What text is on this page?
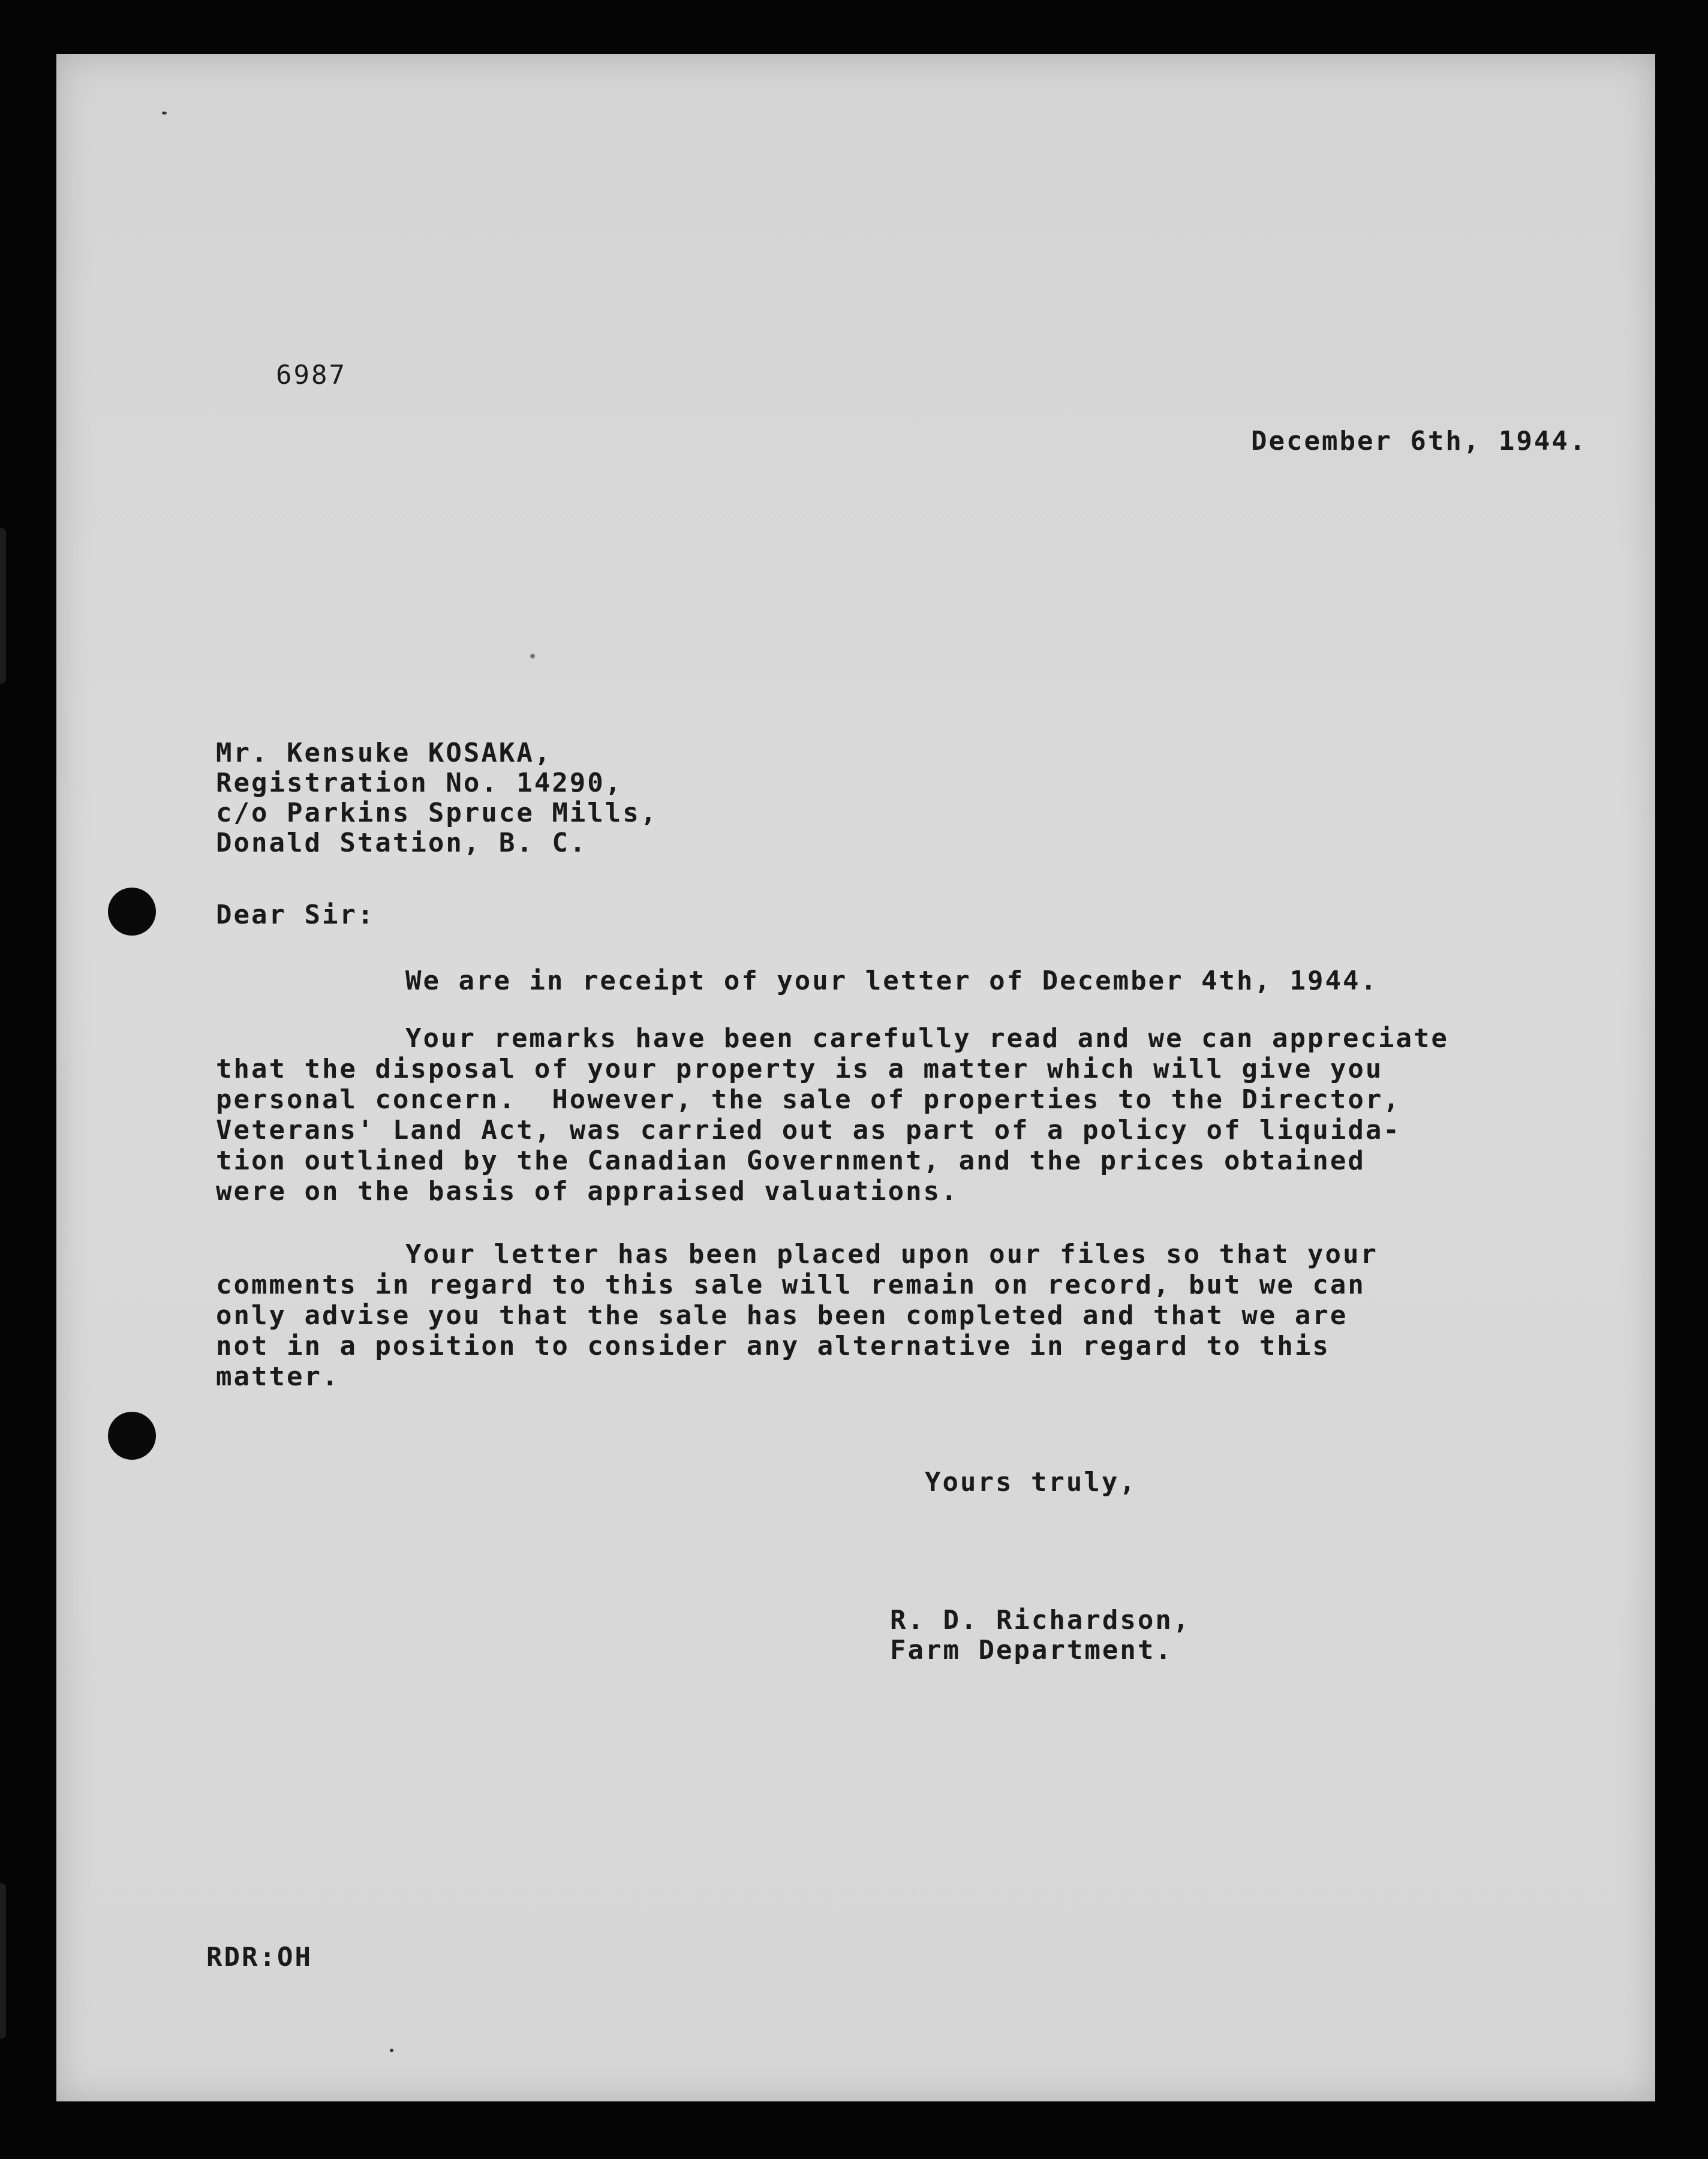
6987
December 6th, 1944.
Mr. Kensuke KOSAKA,
Registration No. 14290,
c/o Parkins Spruce Mills,
Donald Station, B. C.
Dear Sir:
We are in receipt of your letter of December 4th, 1944.
Your remarks have been carefully read and we can appreciate
that the disposal of your property is a matter which will give you
personal concern.  However, the sale of properties to the Director,
Veterans' Land Act, was carried out as part of a policy of liquida-
tion outlined by the Canadian Government, and the prices obtained
were on the basis of appraised valuations.
Your letter has been placed upon our files so that your
comments in regard to this sale will remain on record, but we can
only advise you that the sale has been completed and that we are
not in a position to consider any alternative in regard to this
matter.
Yours truly,
R. D. Richardson,
Farm Department.
RDR:OH
